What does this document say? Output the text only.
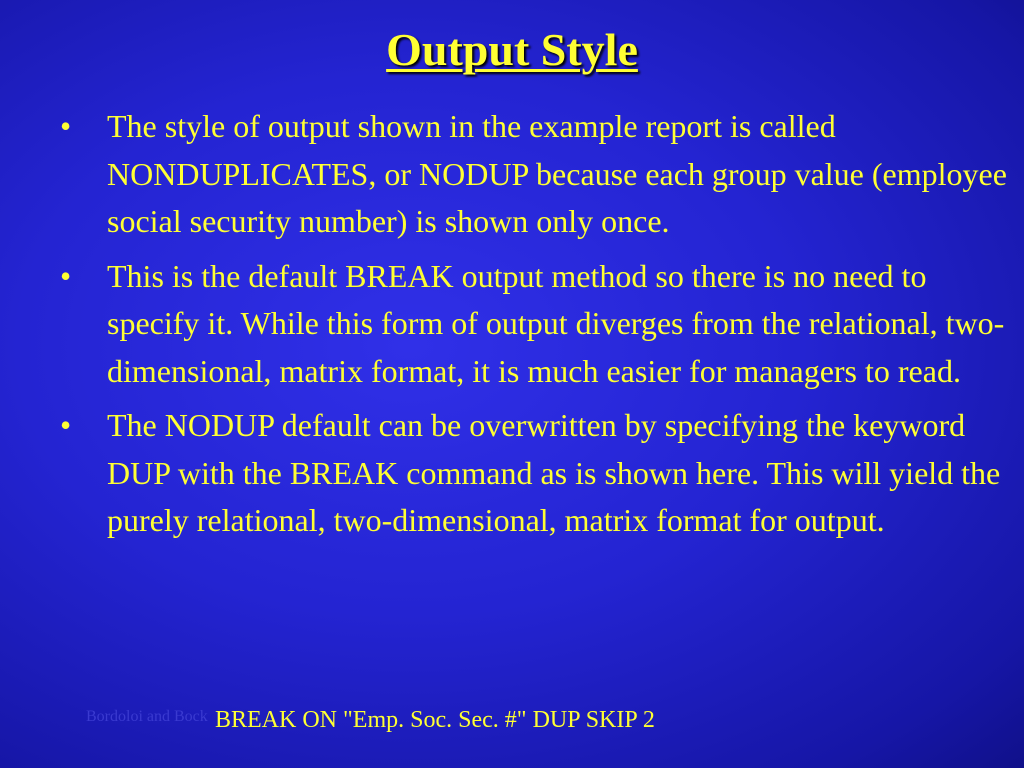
Output Style
• The style of output shown in the example report is called NONDUPLICATES, or NODUP because each group value (employee social security number) is shown only once.
• This is the default BREAK output method so there is no need to specify it. While this form of output diverges from the relational, two-dimensional, matrix format, it is much easier for managers to read.
• The NODUP default can be overwritten by specifying the keyword DUP with the BREAK command as is shown here. This will yield the purely relational, two-dimensional, matrix format for output.
Bordoloi and Bock BREAK ON "Emp. Soc. Sec. #" DUP SKIP 2
